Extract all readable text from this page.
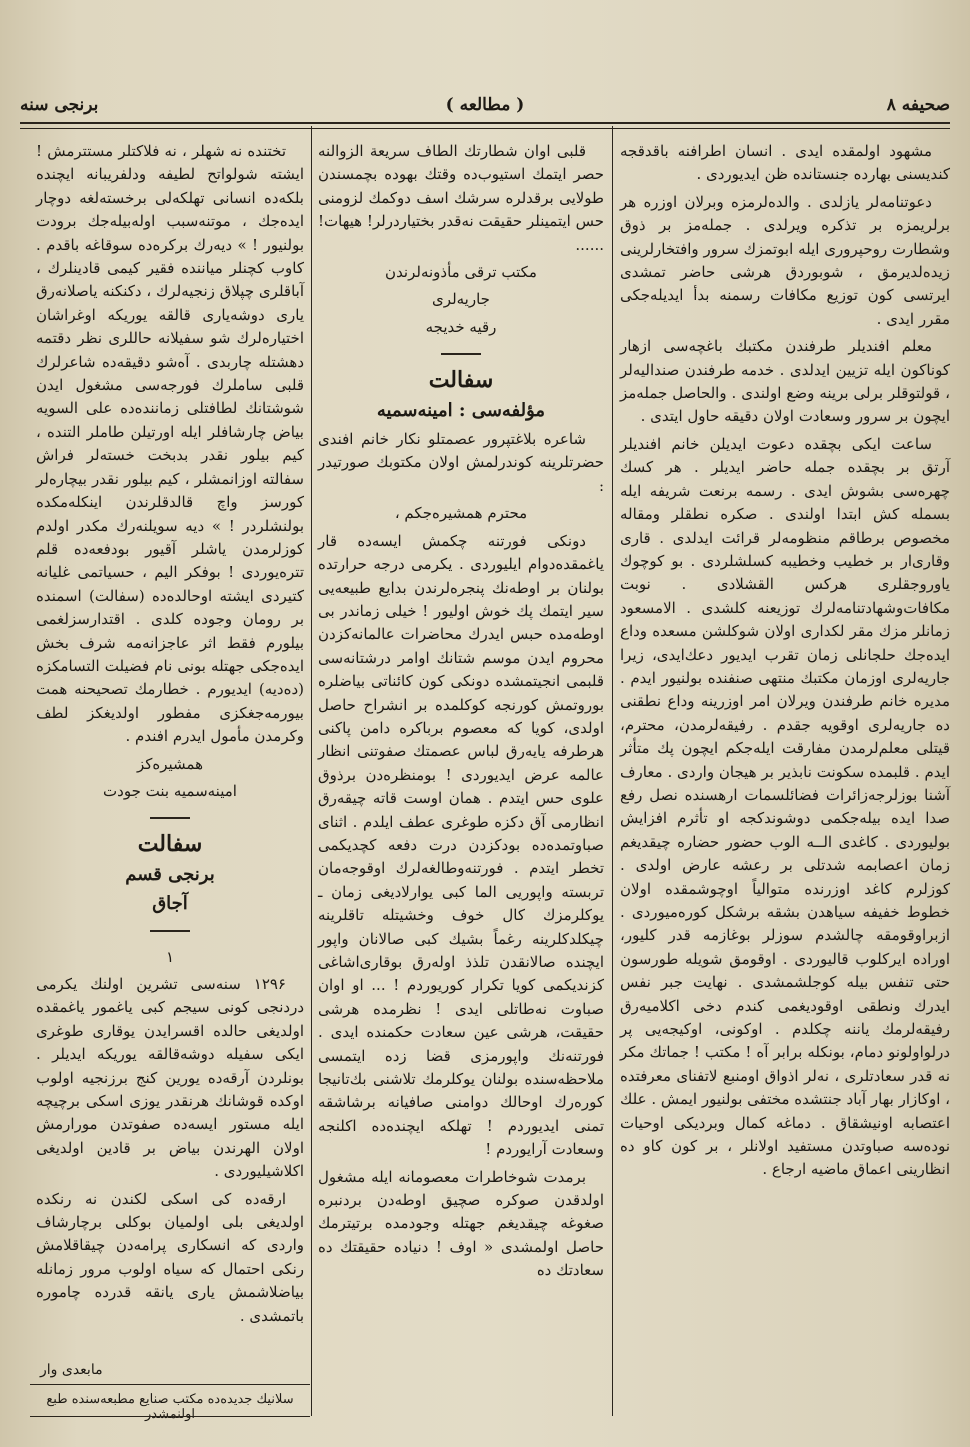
صحیفه ۸
( مطالعه )
برنجی سنه

مشهود اولمقده ایدی . انسان اطرافنه باقدقجه کندیسنی بهارده جنستانده ظن ایدیوردی .

دعوتنامه‌لر یازلدی . والده‌لرمزه وبرلان اوزره هر برلریمزه بر تذکره ویرلدی . جمله‌مز بر ذوق وشطارت روحپروری ایله ابوتمزك سرور وافتخارلرینی زیده‌لدیرمق ، شوبوردق هرشی حاضر تمشدی ایرتسی کون توزیع مکافات رسمنه بدأ ایدیله‌جکی مقرر ایدی .

معلم افندیلر طرفندن مکتبك باغچه‌سی ازهار کوناکون ایله تزیین ایدلدی . خدمه طرفندن صندالیه‌لر ، قولتوقلر برلی برینه وضع اولندی . والحاصل جمله‌مز ایچون بر سرور وسعادت اولان دقیقه حاول ایتدی .

ساعت ایکی بچقده دعوت ایدیلن خانم افندیلر آرتق بر بچقده جمله حاضر ایدیلر . هر کسك چهره‌سی بشوش ایدی . رسمه برنعت شریفه ایله بسمله کش ابتدا اولندی . صکره نطقلر ومقاله مخصوص برطاقم منظومه‌لر قرائت ایدلدی . قاری وقاری‌ار بر خطیب وخطیبه کسلشلردی . بو کوچوك یاوروجقلری هرکس القشلادی . نوبت مکافات‌وشهادتنامه‌لرك توزیعنه کلشدی . الامسعود زمانلر مزك مقر لکداری اولان شوکلشن مسعده وداع ایده‌جك حلجانلی زمان تقرب ایدیور دعك‌ایدی، زیرا جاریه‌لری اوزمان مکتبك منتهی صنفنده بولنیور ایدم . مدیره خانم طرفندن ویرلان امر اوزرینه وداع نطقنی ده جاریه‌لری اوقویه جقدم . رفیقه‌لرمدن، محترم، قیتلی معلم‌لرمدن مفارقت ایله‌جکم ایچون پك متأثر ایدم . قلبمده سکونت نابذیر بر هیجان واردی . معارف آشنا بوزلرجه‌زائرات فضائلسمات ارهسنده نصل رفع صدا ایده بیله‌جکمی دوشوندکجه او تأثرم افزایش بولیوردی . کاغدی الــه الوب حضور حضاره چیقدیغم زمان اعصابمه شدتلی بر رعشه عارض اولدی . کوزلرم کاغد اوزرنده متوالیاً اوچوشمقده اولان خطوط خفیفه سیاهدن بشقه برشکل کوره‌میوردی . ازبراوقومقه چالشدم سوزلر بوغازمه قدر کلیور، اوراده ایرکلوب قالیوردی . اوقومق شویله طورسون حتی تنفس بیله کوجلشمشدی . نهایت جبر نفس ایدرك ونطقی اوقودیغمی کندم دخی اکلامیه‌رق رفیقه‌لرمك یاننه چکلدم . اوکونی، اوکیجه‌یی پر درلواولونو دمام، بونکله برابر آه ! مکتب ! جماتك مکر نه قدر سعادتلری ، نه‌لر اذواق اومنبع لاتفنای معرفتده ، اوکازار بهار آباد جنتشده مختفی بولنیور ایمش . علك اعتصابه اونیشقاق . دماغه کمال وبردیکی اوحیات نوده‌سه صباوتدن مستفید اولانلر ، بر کون کاو ده انظارینی اعماق ماضیه ارجاع .

قلبی اوان شطارتك الطاف سریعة الزوالنه حصر ایتمك استیوب‌ده وقتك بهوده بچمسندن طولایی برقدلره سرشك اسف دوکمك لزومنی حس ایتمینلر حقیقت نه‌قدر بختیاردرلر! هیهات! ......

مکتب ترقی مأذونه‌لرندن

جاریه‌لری

رقیه خدیجه

سفالت
مؤلفه‌سی : امینه‌سمیه

شاعره بلاغتپرور عصمتلو نکار خانم افندی حضرتلرینه کوندرلمش اولان مکتوبك صورتیدر :

محترم همشیره‌جکم ،

دونکی فورتنه چکمش ایسه‌ده قار یاغمقده‌دوام ایلیوردی . یکرمی درجه حرارتده بولنان بر اوطه‌نك پنجره‌لرندن بدایع طبیعه‌یی سیر ایتمك پك خوش اولیور ! خیلی زماندر بی اوطه‌مده حبس ایدرك محاضرات عالمانه‌کزدن محروم ایدن موسم شتانك اوامر درشتانه‌سی قلبمی انجیتمشده دونکی کون کائناتی بیاضلره بوروتمش کورنجه کوکلمده بر انشراح حاصل اولدی، کویا که معصوم برباکره دامن پاکنی هرطرفه یایه‌رق لباس عصمتك صفوتنی انظار عالمه عرض ایدیوردی ! بومنظره‌دن برذوق علوی حس ایتدم . همان اوست قاته چیقه‌رق انظارمی آق دکزه طوغری عطف ایلدم . اثنای صباوتمده‌ده بودکزدن درت دفعه کچدیکمی تخطر ایتدم . فورتنه‌وطالغه‌لرك اوقوجه‌مان تربسته واپوریی الما کبی یوارلادیغی زمان ـ یوکلرمزك کال خوف وخشیتله تاقلرینه چیکلدکلرینه رغماً بشیك کبی صالانان واپور ایچنده صالانقدن تلذذ اوله‌رق بوقاری‌اشاغی کزندیکمی کویا تکرار کوریوردم ! ... او اوان صباوت نه‌طاتلی ایدی ! نظرمده هرشی حقیقت، هرشی عین سعادت حکمنده ایدی . فورتنه‌نك واپورمزی قضا زده ایتمسی ملاحظه‌سنده بولنان یوکلرمك تلاشنی بك‌تانیجا کوره‌رك اوحالك دوامنی صافیانه برشاشقه تمنی ایدیوردم ! تهلکه ایچنده‌ده اکلنجه وسعادت آرایوردم !

برمدت شوخاطرات معصومانه ایله مشغول اولدقدن صوکره صچیق اوطه‌دن بردنبره صغوغه چیقدیغم جهتله وجودمده برتیترمك حاصل اولمشدی « اوف ! دنیاده حقیقتك ده سعادتك ده

تختنده نه شهلر ، نه فلاکتلر مستترمش ! ایشته شولواتح لطیفه ودلفریبانه ایچنده بلکه‌ده انسانی تهلکه‌لی برخسته‌لغه دوچار ایده‌جك ، موتنه‌سبب اوله‌بیله‌جك برودت بولنیور ! » دیه‌رك برکره‌ده سوقاغه باقدم . کاوب کچنلر میاننده فقیر کیمی قادینلرك ، آباقلری چپلاق زنجیه‌لرك ، دکنکنه یاصلانه‌رق یاری دوشه‌یاری قالقه یوریکه اوغراشان اختیاره‌لرك شو سفیلانه حاللری نظر دقتمه دهشتله چاربدی . آه‌شو دقیقه‌ده شاعرلرك قلبی ساملرك فورجه‌سی مشغول ایدن شوشتانك لطافتلی زماننده‌ده علی السویه بیاض چارشافلر ایله اورتیلن طاملر التنده ، کیم بیلور نقدر بدبخت خسته‌لر فراش سفالته اوزانمشلر ، کیم بیلور نقدر بیچاره‌لر کورسز واچ قالدقلرندن اینکله‌مکده بولنشلردر ! » دیه سویلنه‌رك مکدر اولدم کوزلرمدن یاشلر آقیور بودفعه‌ده قلم تتره‌یوردی ! بوفکر الیم ، حسیاتمی غلیانه کتیردی ایشته اوحالده‌ده (سفالت) اسمنده بر رومان وجوده کلدی . اقتدارسزلغمی بیلورم فقط اثر عاجزانه‌مه شرف بخش ایده‌جکی جهتله بونی نام فضیلت التسامکزه (ده‌دیه) ایدیورم . خطارمك تصحیحنه همت بیورمه‌جغکزی مفطور اولدیغکز لطف وکرمدن مأمول ایدرم افندم .

همشیره‌کز

امینه‌سمیه بنت جودت

سفالت
برنجی قسم
آجاق

۱

۱۲۹۶ سنه‌سی تشرین اولنك یکرمی دردنجی کونی سیجم کبی یاغمور یاغمقده اولدیغی حالده اقسرایدن یوقاری طوغری ایکی سفیله دوشه‌قالقه یوریکه ایدیلر . بونلردن آرقه‌ده یورین کنج برزنجیه اولوب اوکده قوشانك هرنقدر یوزی اسکی برچیچه ایله مستور ایسه‌ده صفوتدن مورارمش اولان الهرندن بیاض بر قادین اولدیغی اکلاشیلیوردی .

ارقه‌ده کی اسکی لکندن نه رنکده اولدیغی بلی اولمیان بوکلی برچارشاف واردی که انسکاری پرامه‌دن چیقاقلامش رنکی احتمال که سیاه اولوب مرور زمانله بیاضلاشمش یاری یانقه قدرده چاموره باتمشدی .

مابعدی وار
سلانیك جدیده‌ده مکتب صنایع مطبعه‌سنده طبع اولنمشدر
